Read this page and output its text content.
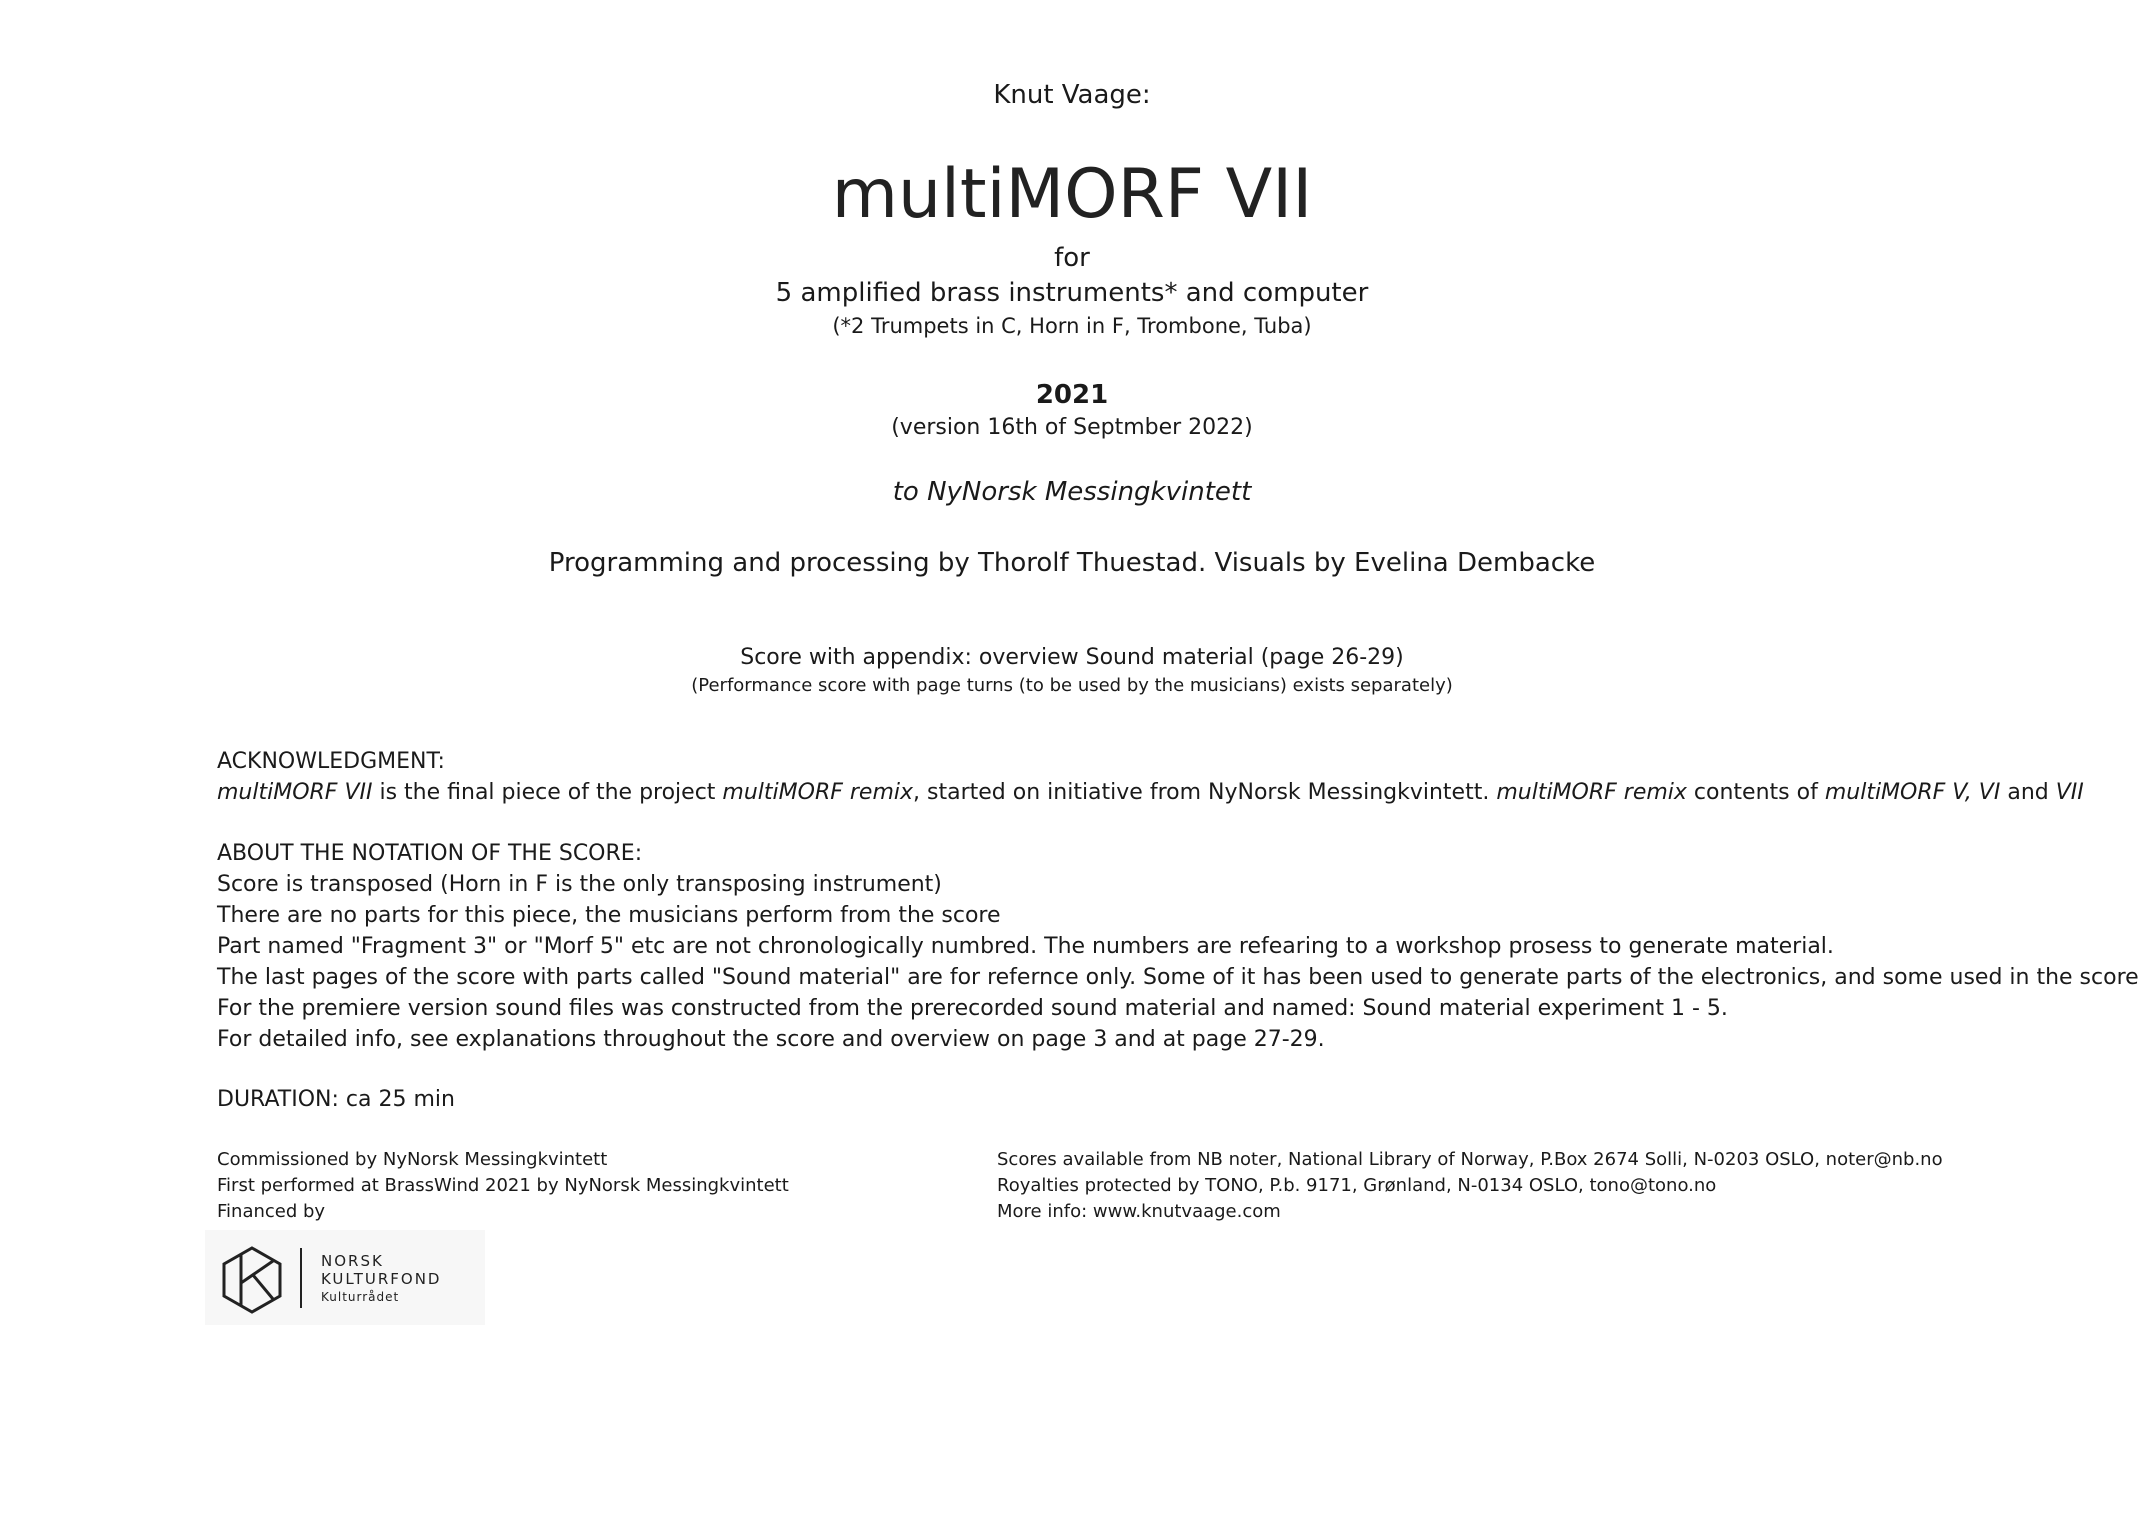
Knut Vaage:
multiMORF VII
for
5 amplified brass instruments* and computer
(*2 Trumpets in C, Horn in F, Trombone, Tuba)
2021
(version 16th of Septmber 2022)
to NyNorsk Messingkvintett
Programming and processing by Thorolf Thuestad. Visuals by Evelina Dembacke
Score with appendix: overview Sound material (page 26-29)
(Performance score with page turns (to be used by the musicians) exists separately)

ACKNOWLEDGMENT:

multiMORF VII is the final piece of the project multiMORF remix, started on initiative from NyNorsk Messingkvintett. multiMORF remix contents of multiMORF V, VI and VII

ABOUT THE NOTATION OF THE SCORE:

Score is transposed (Horn in F is the only transposing instrument)

There are no parts for this piece, the musicians perform from the score

Part named "Fragment 3" or "Morf 5" etc are not chronologically numbred. The numbers are refearing to a workshop prosess to generate material.

The last pages of the score with parts called "Sound material" are for refernce only. Some of it has been used to generate parts of the electronics, and some used in the score

For the premiere version sound files was constructed from the prerecorded sound material and named: Sound material experiment 1 - 5.

For detailed info, see explanations throughout the score and overview on page 3 and at page 27-29.

DURATION: ca 25 min
Commissioned by NyNorsk Messingkvintett
First performed at BrassWind 2021 by NyNorsk Messingkvintett
Financed by
Scores available from NB noter, National Library of Norway, P.Box 2674 Solli, N-0203 OSLO, noter@nb.no
Royalties protected by TONO, P.b. 9171, Grønland, N-0134 OSLO, tono@tono.no
More info: www.knutvaage.com
NORSK
KULTURFOND
Kulturrådet
